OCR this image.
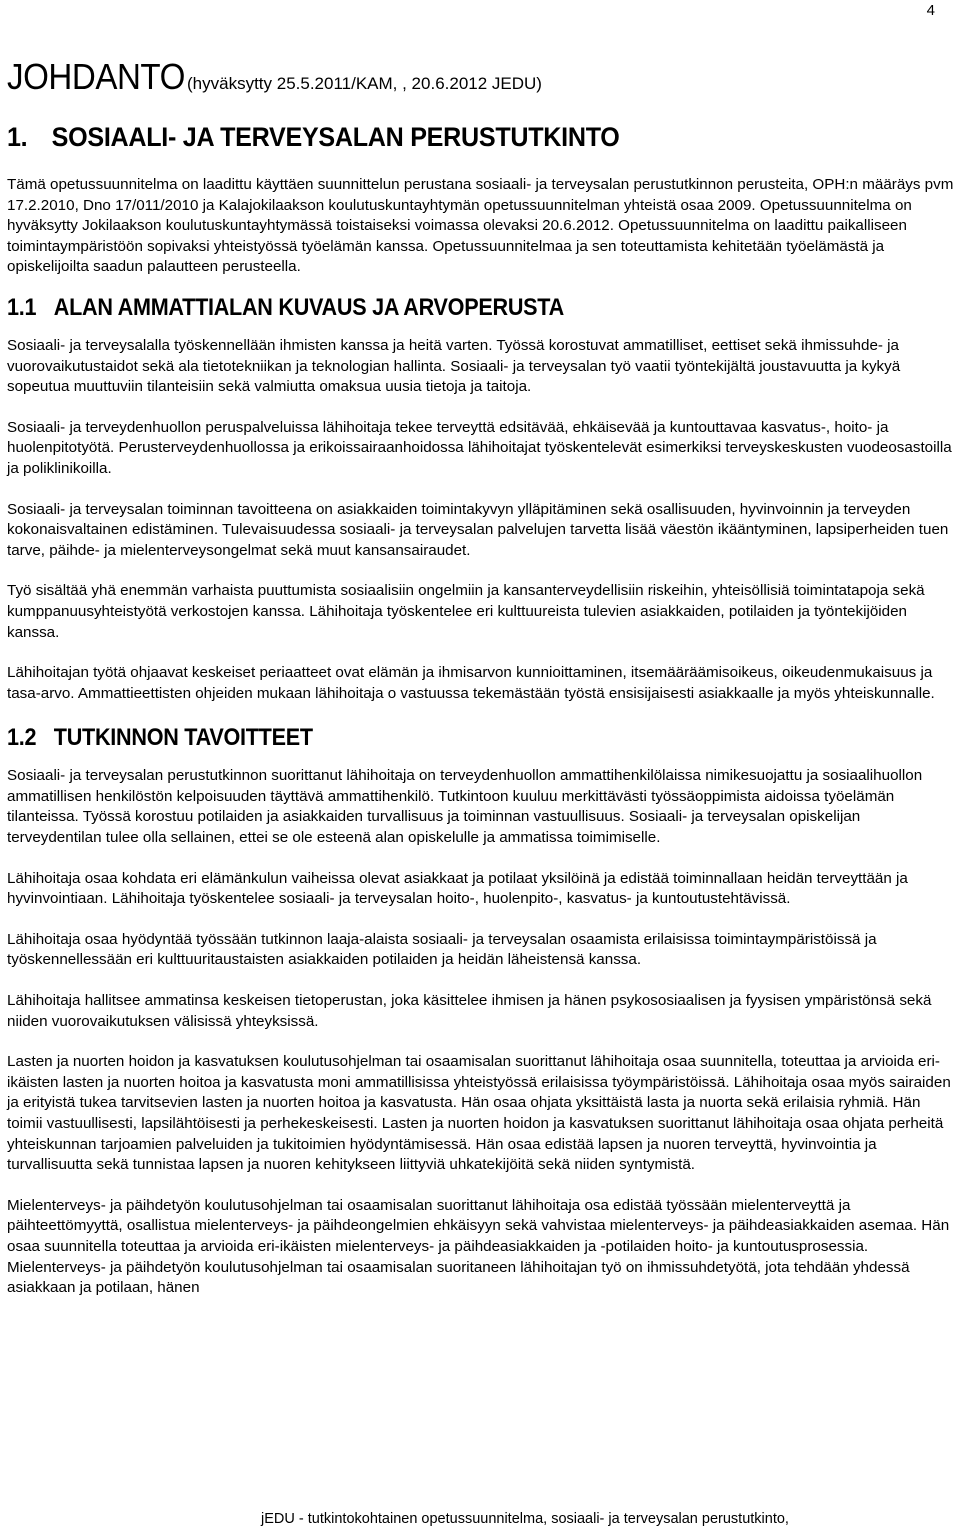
4
JOHDANTO (hyväksytty 25.5.2011/KAM, , 20.6.2012 JEDU)
1. SOSIAALI- JA TERVEYSALAN PERUSTUTKINTO

Tämä opetussuunnitelma on laadittu käyttäen suunnittelun perustana sosiaali- ja terveysalan perustutkinnon perusteita, OPH:n määräys pvm 17.2.2010, Dno 17/011/2010 ja Kalajokilaakson koulutuskuntayhtymän opetussuunnitelman yhteistä osaa 2009. Opetussuunnitelma on hyväksytty Jokilaakson koulutuskuntayhtymässä toistaiseksi voimassa olevaksi 20.6.2012. Opetussuunnitelma on laadittu paikalliseen toimintaympäristöön sopivaksi yhteistyössä työelämän kanssa. Opetussuunnitelmaa ja sen toteuttamista kehitetään työelämästä ja opiskelijoilta saadun palautteen perusteella.

1.1 ALAN AMMATTIALAN KUVAUS JA ARVOPERUSTA

Sosiaali- ja terveysalalla työskennellään ihmisten kanssa ja heitä varten. Työssä korostuvat ammatilliset, eettiset sekä ihmissuhde- ja vuorovaikutustaidot sekä ala tietotekniikan ja teknologian hallinta. Sosiaali- ja terveysalan työ vaatii työntekijältä joustavuutta ja kykyä sopeutua muuttuviin tilanteisiin sekä valmiutta omaksua uusia tietoja ja taitoja.

Sosiaali- ja terveydenhuollon peruspalveluissa lähihoitaja tekee terveyttä edsitävää, ehkäisevää ja kuntouttavaa kasvatus-, hoito- ja huolenpitotyötä. Perusterveydenhuollossa ja erikoissairaanhoidossa lähihoitajat työskentelevät esimerkiksi terveyskeskusten vuodeosastoilla ja poliklinikoilla.

Sosiaali- ja terveysalan toiminnan tavoitteena on asiakkaiden toimintakyvyn ylläpitäminen sekä osallisuuden, hyvinvoinnin ja terveyden kokonaisvaltainen edistäminen. Tulevaisuudessa sosiaali- ja terveysalan palvelujen tarvetta lisää väestön ikääntyminen, lapsiperheiden tuen tarve, päihde- ja mielenterveysongelmat sekä muut kansansairaudet.

Työ sisältää yhä enemmän varhaista puuttumista sosiaalisiin ongelmiin ja kansanterveydellisiin riskeihin, yhteisöllisiä toimintatapoja sekä kumppanuusyhteistyötä verkostojen kanssa. Lähihoitaja työskentelee eri kulttuureista tulevien asiakkaiden, potilaiden ja työntekijöiden kanssa.

Lähihoitajan työtä ohjaavat keskeiset periaatteet ovat elämän ja ihmisarvon kunnioittaminen, itsemääräämisoikeus, oikeudenmukaisuus ja tasa-arvo. Ammattieettisten ohjeiden mukaan lähihoitaja o vastuussa tekemästään työstä ensisijaisesti asiakkaalle ja myös yhteiskunnalle.

1.2 TUTKINNON TAVOITTEET

Sosiaali- ja terveysalan perustutkinnon suorittanut lähihoitaja on terveydenhuollon ammattihenkilölaissa nimikesuojattu ja sosiaalihuollon ammatillisen henkilöstön kelpoisuuden täyttävä ammattihenkilö. Tutkintoon kuuluu merkittävästi työssäoppimista aidoissa työelämän tilanteissa. Työssä korostuu potilaiden ja asiakkaiden turvallisuus ja toiminnan vastuullisuus. Sosiaali- ja terveysalan opiskelijan terveydentilan tulee olla sellainen, ettei se ole esteenä alan opiskelulle ja ammatissa toimimiselle.

Lähihoitaja osaa kohdata eri elämänkulun vaiheissa olevat asiakkaat ja potilaat yksilöinä ja edistää toiminnallaan heidän terveyttään ja hyvinvointiaan. Lähihoitaja työskentelee sosiaali- ja terveysalan hoito-, huolenpito-, kasvatus- ja kuntoutustehtävissä.

Lähihoitaja osaa hyödyntää työssään tutkinnon laaja-alaista sosiaali- ja terveysalan osaamista erilaisissa toimintaympäristöissä ja työskennellessään eri kulttuuritaustaisten asiakkaiden potilaiden ja heidän läheistensä kanssa.

Lähihoitaja hallitsee ammatinsa keskeisen tietoperustan, joka käsittelee ihmisen ja hänen psykososiaalisen ja fyysisen ympäristönsä sekä niiden vuorovaikutuksen välisissä yhteyksissä.

Lasten ja nuorten hoidon ja kasvatuksen koulutusohjelman tai osaamisalan suorittanut lähihoitaja osaa suunnitella, toteuttaa ja arvioida eri-ikäisten lasten ja nuorten hoitoa ja kasvatusta moni ammatillisissa yhteistyössä erilaisissa työympäristöissä. Lähihoitaja osaa myös sairaiden ja erityistä tukea tarvitsevien lasten ja nuorten hoitoa ja kasvatusta. Hän osaa ohjata yksittäistä lasta ja nuorta sekä erilaisia ryhmiä. Hän toimii vastuullisesti, lapsilähtöisesti ja perhekeskeisesti. Lasten ja nuorten hoidon ja kasvatuksen suorittanut lähihoitaja osaa ohjata perheitä yhteiskunnan tarjoamien palveluiden ja tukitoimien hyödyntämisessä. Hän osaa edistää lapsen ja nuoren terveyttä, hyvinvointia ja turvallisuutta sekä tunnistaa lapsen ja nuoren kehitykseen liittyviä uhkatekijöitä sekä niiden syntymistä.

Mielenterveys- ja päihdetyön koulutusohjelman tai osaamisalan suorittanut lähihoitaja osa edistää työssään mielenterveyttä ja päihteettömyyttä, osallistua mielenterveys- ja päihdeongelmien ehkäisyyn sekä vahvistaa mielenterveys- ja päihdeasiakkaiden asemaa. Hän osaa suunnitella toteuttaa ja arvioida eri-ikäisten mielenterveys- ja päihdeasiakkaiden ja -potilaiden hoito- ja kuntoutusprosessia. Mielenterveys- ja päihdetyön koulutusohjelman tai osaamisalan suoritaneen lähihoitajan työ on ihmissuhdetyötä, jota tehdään yhdessä asiakkaan ja potilaan, hänen

jEDU - tutkintokohtainen opetussuunnitelma, sosiaali- ja terveysalan perustutkinto,
